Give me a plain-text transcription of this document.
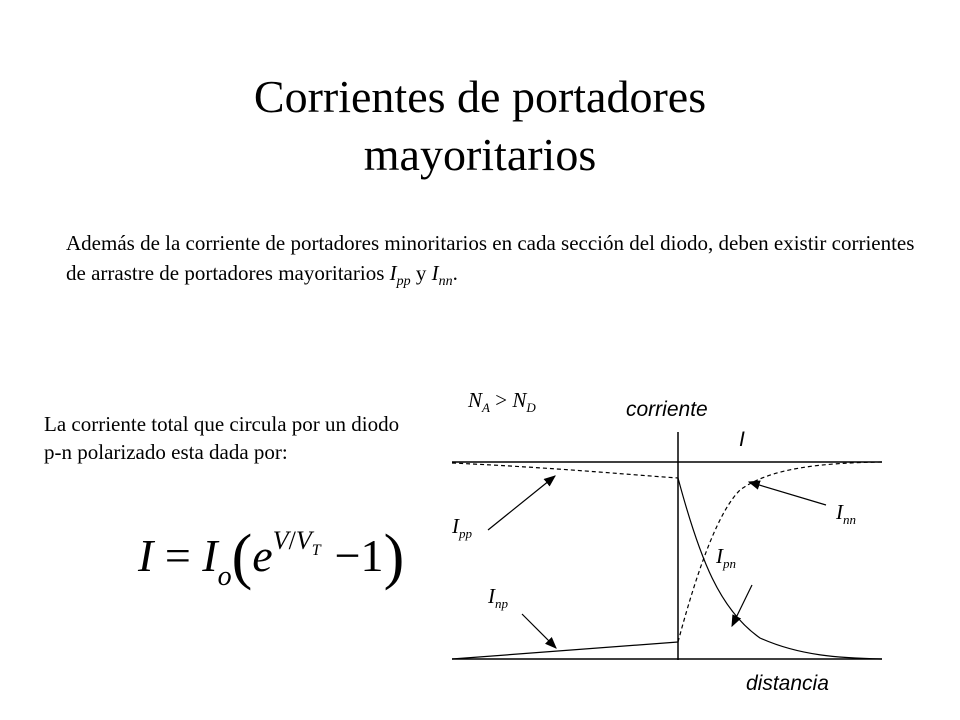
Corrientes de portadores
mayoritarios
Además de la corriente de portadores minoritarios en cada sección del diodo, deben existir corrientes de arrastre de portadores mayoritarios $I_{pp}$ y $I_{nn}$.
La corriente total que circula por un diodo p-n polarizado esta dada por:
$I = I_o(e^{V/V_T} -1)$
$N_A > N_D$	corriente
I
distancia
$I_{pp}$
$I_{np}$
$I_{pn}$
$I_{nn}$
